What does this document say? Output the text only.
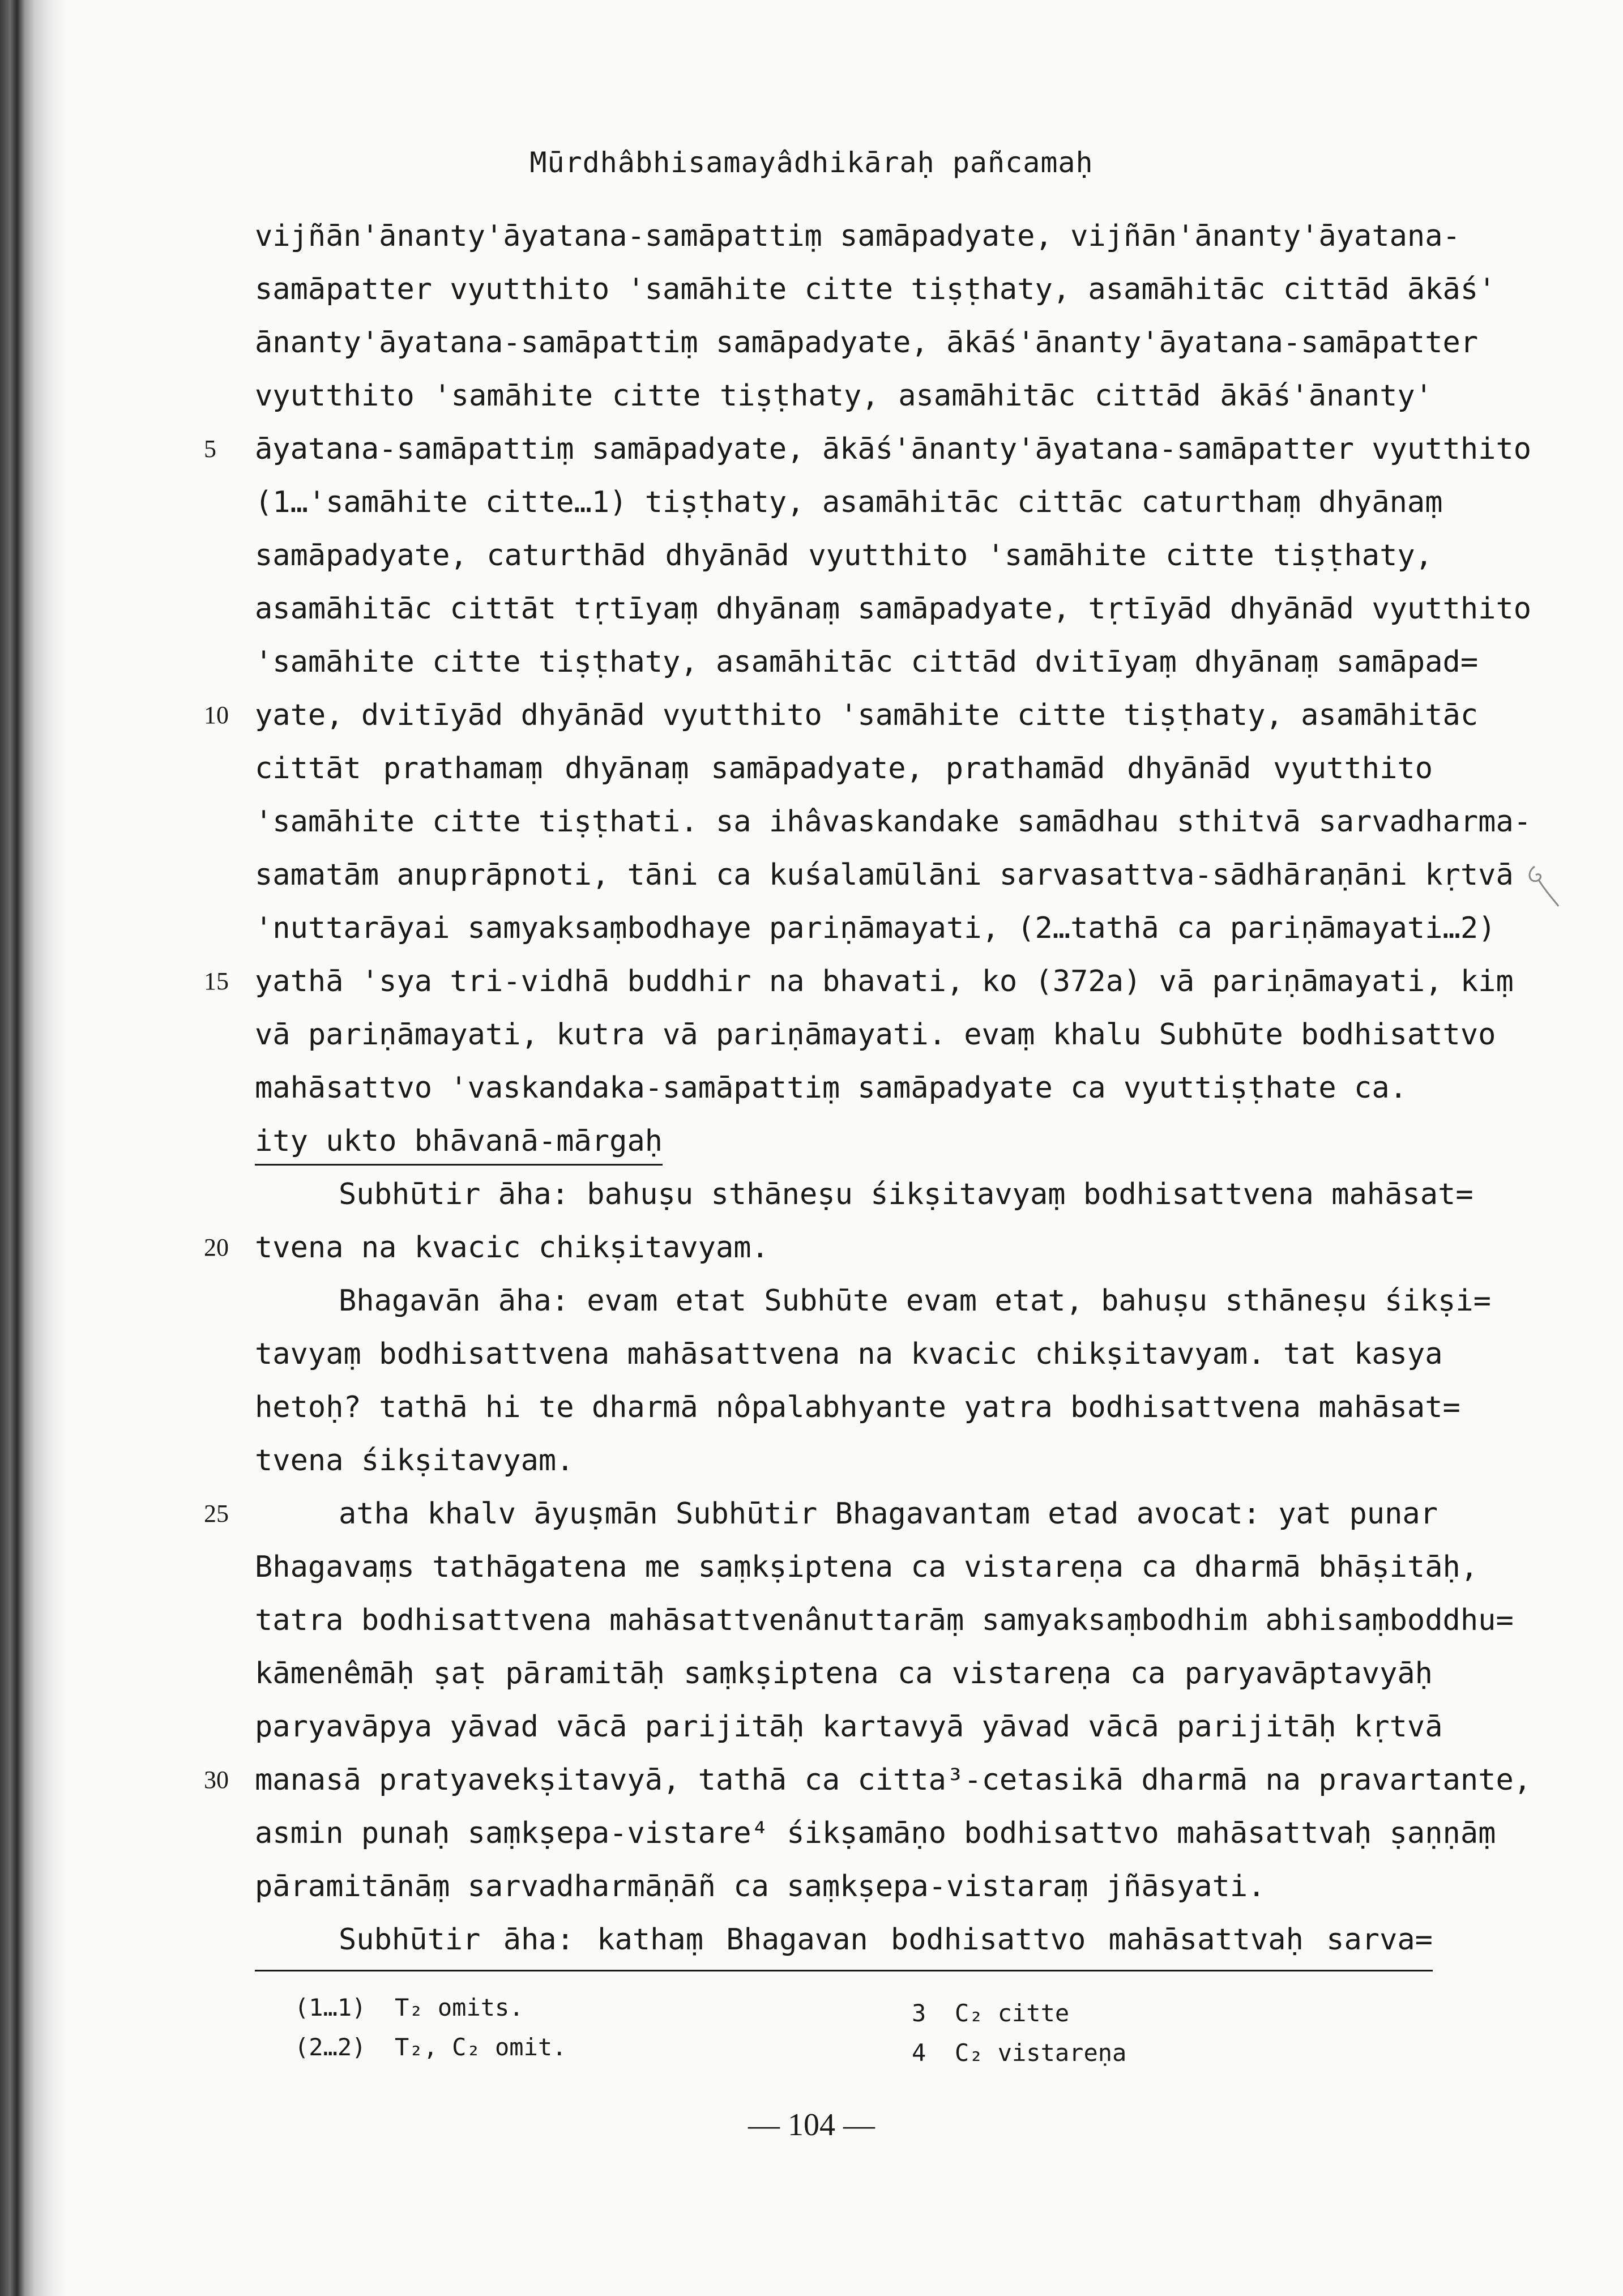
Mūrdhâbhisamayâdhikāraḥ pañcamaḥ
vijñān'ānanty'āyatana-samāpattiṃ samāpadyate, vijñān'ānanty'āyatana-
samāpatter vyutthito 'samāhite citte tiṣṭhaty, asamāhitāc cittād ākāś'
ānanty'āyatana-samāpattiṃ samāpadyate, ākāś'ānanty'āyatana-samāpatter
vyutthito 'samāhite citte tiṣṭhaty, asamāhitāc cittād ākāś'ānanty'
5	āyatana-samāpattiṃ samāpadyate, ākāś'ānanty'āyatana-samāpatter vyutthito
(1…'samāhite citte…1) tiṣṭhaty, asamāhitāc cittāc caturthaṃ dhyānaṃ
samāpadyate, caturthād dhyānād vyutthito 'samāhite citte tiṣṭhaty,
asamāhitāc cittāt tṛtīyaṃ dhyānaṃ samāpadyate, tṛtīyād dhyānād vyutthito
'samāhite citte tiṣṭhaty, asamāhitāc cittād dvitīyaṃ dhyānaṃ samāpad=
10 yate, dvitīyād dhyānād vyutthito 'samāhite citte tiṣṭhaty, asamāhitāc
cittāt prathamaṃ dhyānaṃ samāpadyate, prathamād dhyānād vyutthito
'samāhite citte tiṣṭhati. sa ihâvaskandake samādhau sthitvā sarvadharma-
samatām anuprāpnoti, tāni ca kuśalamūlāni sarvasattva-sādhāraṇāni kṛtvā
'nuttarāyai samyaksaṃbodhaye pariṇāmayati, (2…tathā ca pariṇāmayati…2)
15 yathā 'sya tri-vidhā buddhir na bhavati, ko (372a) vā pariṇāmayati, kiṃ
vā pariṇāmayati, kutra vā pariṇāmayati. evaṃ khalu Subhūte bodhisattvo
mahāsattvo 'vaskandaka-samāpattiṃ samāpadyate ca vyuttiṣṭhate ca.
ity ukto bhāvanā-mārgaḥ
Subhūtir āha: bahuṣu sthāneṣu śikṣitavyaṃ bodhisattvena mahāsat=
20 tvena na kvacic chikṣitavyam.
Bhagavān āha: evam etat Subhūte evam etat, bahuṣu sthāneṣu śikṣi=
tavyaṃ bodhisattvena mahāsattvena na kvacic chikṣitavyam. tat kasya
hetoḥ? tathā hi te dharmā nôpalabhyante yatra bodhisattvena mahāsat=
tvena śikṣitavyam.
25	atha khalv āyuṣmān Subhūtir Bhagavantam etad avocat: yat punar
Bhagavaṃs tathāgatena me saṃkṣiptena ca vistareṇa ca dharmā bhāṣitāḥ,
tatra bodhisattvena mahāsattvenânuttarāṃ samyaksaṃbodhim abhisaṃboddhu=
kāmenêmāḥ ṣaṭ pāramitāḥ saṃkṣiptena ca vistareṇa ca paryavāptavyāḥ
paryavāpya yāvad vācā parijitāḥ kartavyā yāvad vācā parijitāḥ kṛtvā
30 manasā pratyavekṣitavyā, tathā ca citta³-cetasikā dharmā na pravartante,
asmin punaḥ saṃkṣepa-vistare⁴ śikṣamāṇo bodhisattvo mahāsattvaḥ ṣaṇṇāṃ
pāramitānāṃ sarvadharmāṇāñ ca saṃkṣepa-vistaraṃ jñāsyati.
Subhūtir āha: kathaṃ Bhagavan bodhisattvo mahāsattvaḥ sarva=
(1…1) T₂ omits.
(2…2) T₂, C₂ omit.
3 C₂ citte
4 C₂ vistareṇa
— 104 —
